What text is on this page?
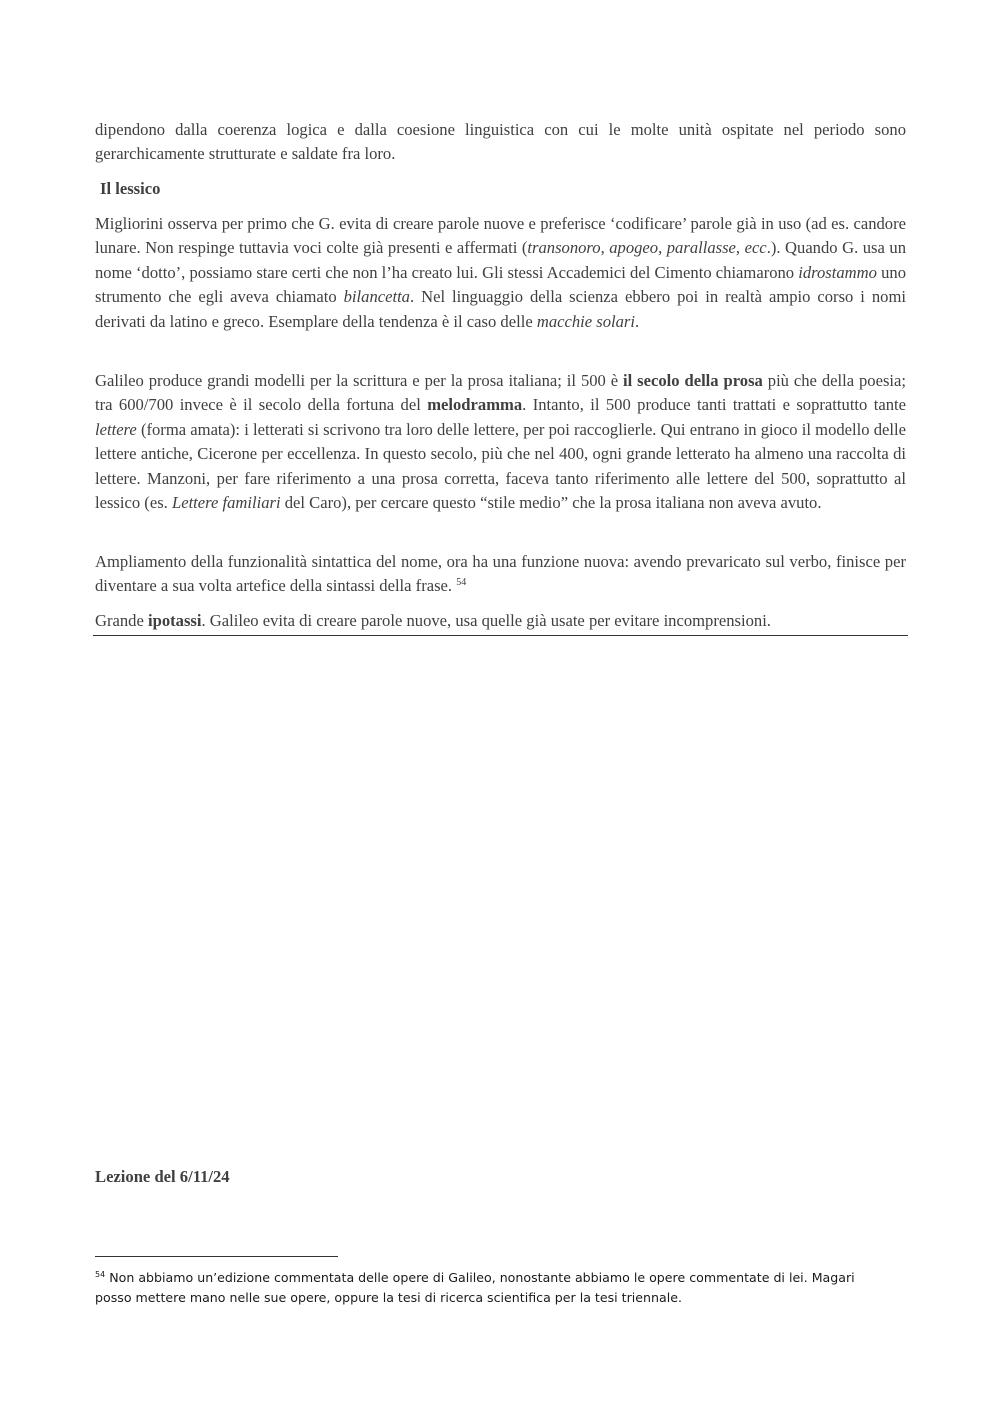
dipendono dalla coerenza logica e dalla coesione linguistica con cui le molte unità ospitate nel periodo sono gerarchicamente strutturate e saldate fra loro.

Il lessico

Migliorini osserva per primo che G. evita di creare parole nuove e preferisce ‘codificare’ parole già in uso (ad es. candore lunare. Non respinge tuttavia voci colte già presenti e affermati (transonoro, apogeo, parallasse, ecc.). Quando G. usa un nome ‘dotto’, possiamo stare certi che non l’ha creato lui. Gli stessi Accademici del Cimento chiamarono idrostammo uno strumento che egli aveva chiamato bilancetta. Nel linguaggio della scienza ebbero poi in realtà ampio corso i nomi derivati da latino e greco. Esemplare della tendenza è il caso delle macchie solari.

Galileo produce grandi modelli per la scrittura e per la prosa italiana; il 500 è il secolo della prosa più che della poesia; tra 600/700 invece è il secolo della fortuna del melodramma. Intanto, il 500 produce tanti trattati e soprattutto tante lettere (forma amata): i letterati si scrivono tra loro delle lettere, per poi raccoglierle. Qui entrano in gioco il modello delle lettere antiche, Cicerone per eccellenza. In questo secolo, più che nel 400, ogni grande letterato ha almeno una raccolta di lettere. Manzoni, per fare riferimento a una prosa corretta, faceva tanto riferimento alle lettere del 500, soprattutto al lessico (es. Lettere familiari del Caro), per cercare questo “stile medio” che la prosa italiana non aveva avuto.

Ampliamento della funzionalità sintattica del nome, ora ha una funzione nuova: avendo prevaricato sul verbo, finisce per diventare a sua volta artefice della sintassi della frase. $^{54}$

Grande ipotassi. Galileo evita di creare parole nuove, usa quelle già usate per evitare incomprensioni.

Lezione del 6/11/24

$^{54}$ Non abbiamo un’edizione commentata delle opere di Galileo, nonostante abbiamo le opere commentate di lei. Magari posso mettere mano nelle sue opere, oppure la tesi di ricerca scientifica per la tesi triennale.
